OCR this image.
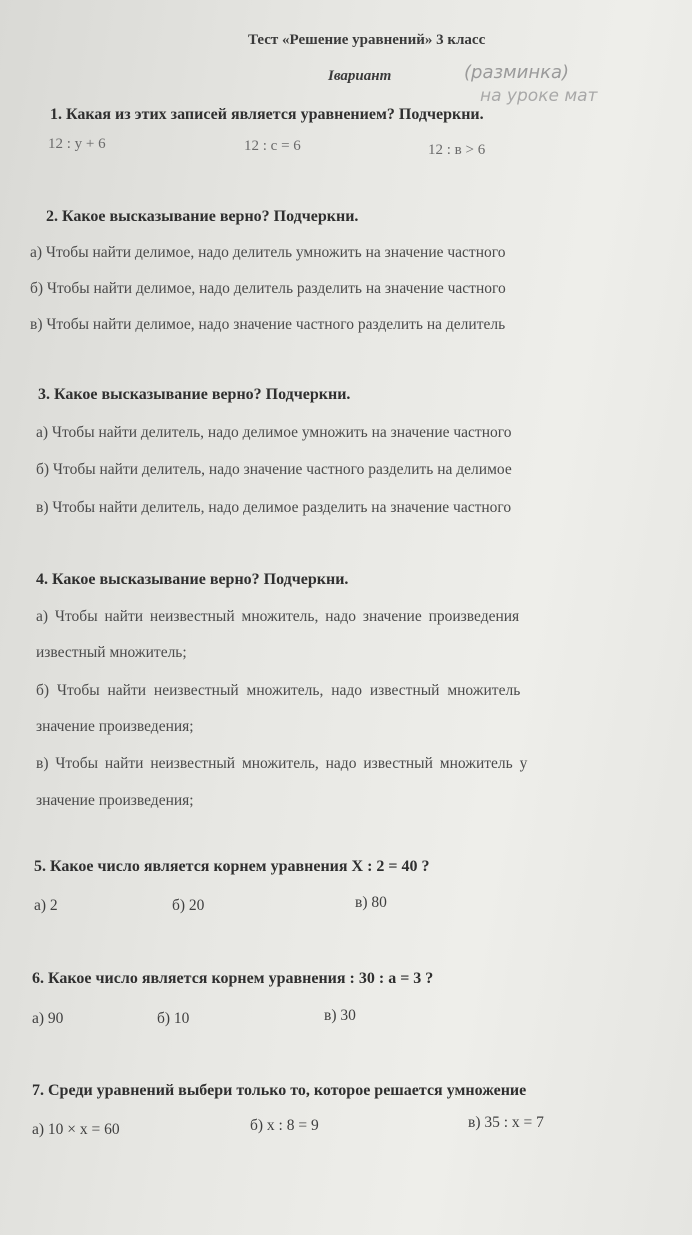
Тест «Решение уравнений» 3 класс
Iвариант	(разминка)
на уроке мат
1. Какая из этих записей является уравнением? Подчеркни.
12 : у + 6	12 : с = 6	12 : в > 6
2. Какое высказывание верно? Подчеркни.
а) Чтобы найти делимое, надо делитель умножить на значение частного
б) Чтобы найти делимое, надо делитель разделить на значение частного
в) Чтобы найти делимое, надо значение частного разделить на делитель
3. Какое высказывание верно? Подчеркни.
а) Чтобы найти делитель, надо делимое умножить на значение частного
б) Чтобы найти делитель, надо значение частного разделить на делимое
в) Чтобы найти делитель, надо делимое разделить на значение частного
4. Какое высказывание верно? Подчеркни.
а) Чтобы найти неизвестный множитель, надо значение произведения
известный множитель;
б) Чтобы найти неизвестный множитель, надо известный множитель
значение произведения;
в) Чтобы найти неизвестный множитель, надо известный множитель у
значение произведения;
5. Какое число является корнем уравнения X : 2 = 40 ?
а) 2	б) 20	в) 80
6. Какое число является корнем уравнения : 30 : а = 3 ?
а) 90	б) 10	в) 30
7. Среди уравнений выбери только то, которое решается умножение
а) 10 × х = 60	б) х : 8 = 9	в) 35 : х = 7
